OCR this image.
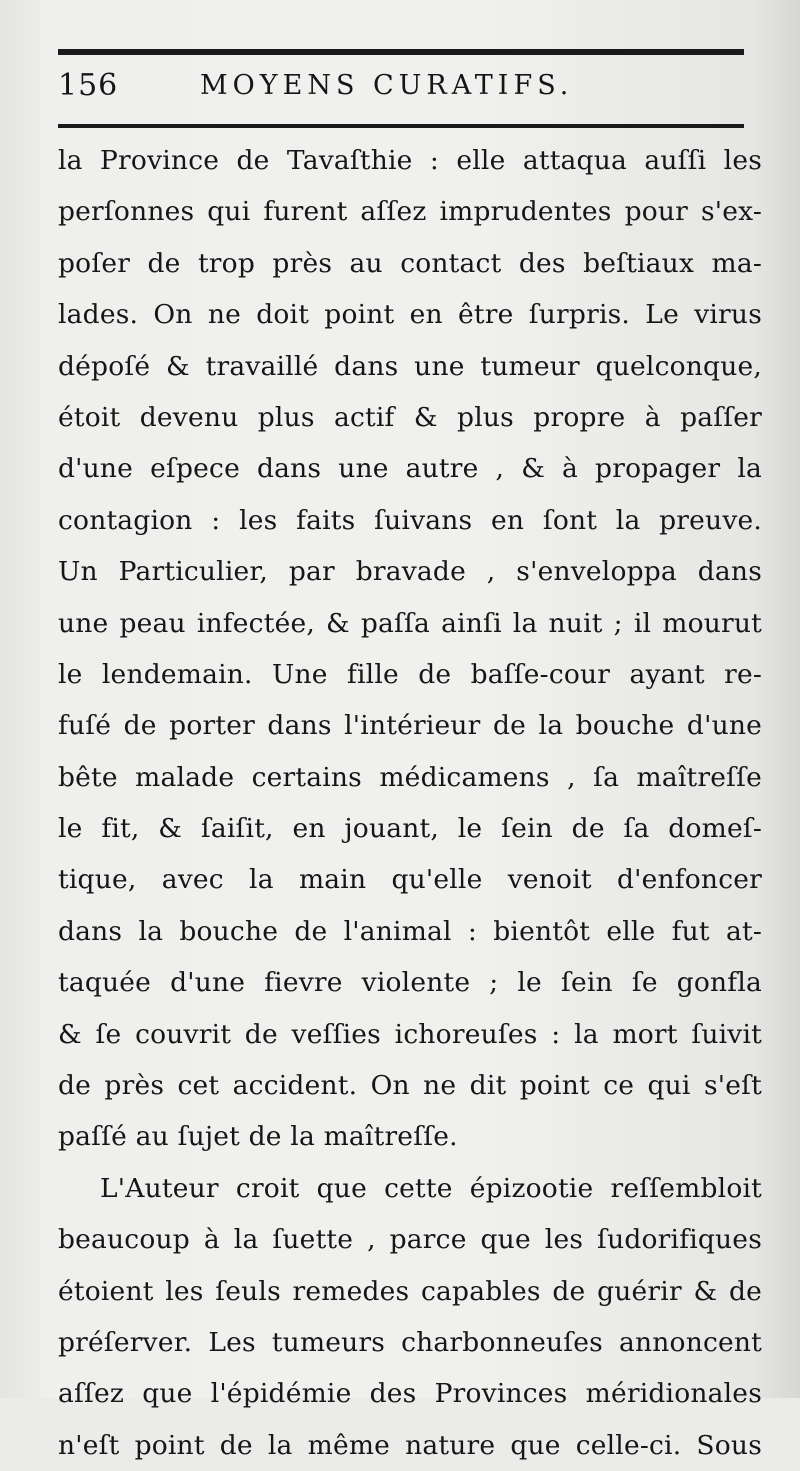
156	MOYENS CURATIFS.
la Province de Tavaſthie : elle attaqua auſſi les
perſonnes qui furent aſſez imprudentes pour s'ex-
poſer de trop près au contact des beſtiaux ma-
lades. On ne doit point en être ſurpris. Le virus
dépoſé & travaillé dans une tumeur quelconque,
étoit devenu plus actif & plus propre à paſſer
d'une eſpece dans une autre , & à propager la
contagion : les faits ſuivans en ſont la preuve.
Un Particulier, par bravade , s'enveloppa dans
une peau infectée, & paſſa ainſi la nuit ; il mourut
le lendemain. Une fille de baſſe-cour ayant re-
fuſé de porter dans l'intérieur de la bouche d'une
bête malade certains médicamens , ſa maîtreſſe
le fit, & ſaiſit, en jouant, le ſein de ſa domeſ-
tique, avec la main qu'elle venoit d'enfoncer
dans la bouche de l'animal : bientôt elle fut at-
taquée d'une fievre violente ; le ſein ſe gonfla
& ſe couvrit de veſſies ichoreuſes : la mort ſuivit
de près cet accident. On ne dit point ce qui s'eſt
paſſé au ſujet de la maîtreſſe.
L'Auteur croit que cette épizootie reſſembloit
beaucoup à la ſuette , parce que les ſudorifiques
étoient les ſeuls remedes capables de guérir & de
préſerver. Les tumeurs charbonneuſes annoncent
aſſez que l'épidémie des Provinces méridionales
n'eſt point de la même nature que celle-ci. Sous
